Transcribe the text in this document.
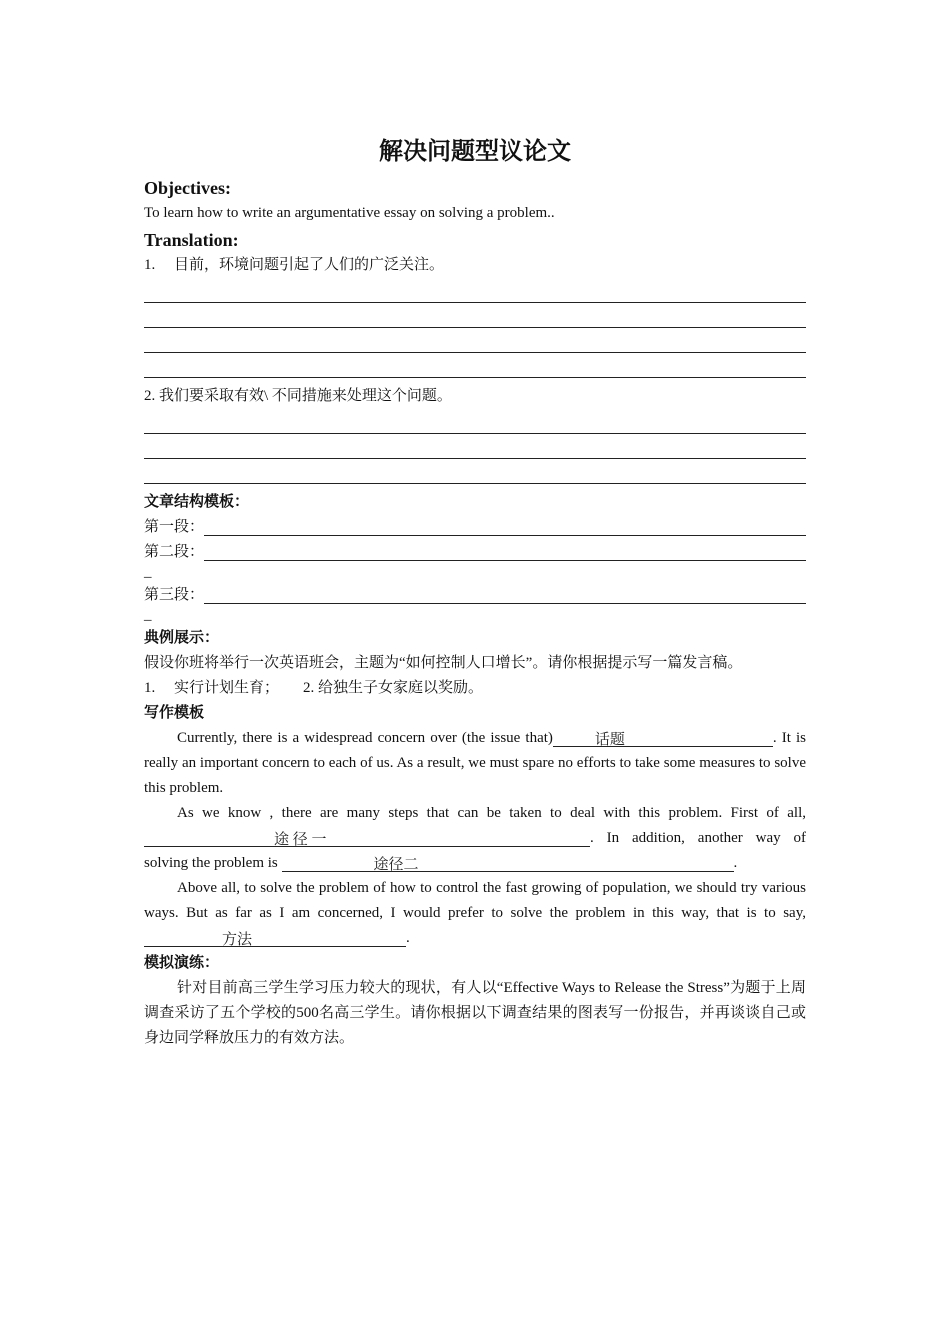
解决问题型议论文
Objectives:
To learn how to write an argumentative essay on solving a problem..
Translation:
1. 目前，环境问题引起了人们的广泛关注。
2. 我们要采取有效\ 不同措施来处理这个问题。
文章结构模板：
第一段：
第二段：
_
第三段：
_
典例展示：
假设你班将举行一次英语班会，主题为“如何控制人口增长”。请你根据提示写一篇发言稿。
1. 实行计划生育； 2. 给独生子女家庭以奖励。
写作模板
Currently, there is a widespread concern over (the issue that)	话题	. It is really an important concern to each of us. As a result, we must spare no efforts to take some measures to solve this problem.
As we know , there are many steps that can be taken to deal with this problem. First of all, 途 径 一	. In addition, another way of solving the problem is	途径二	.
Above all, to solve the problem of how to control the fast growing of population, we should try various ways. But as far as I am concerned, I would prefer to solve the problem in this way, that is to say, 方法	.
模拟演练：
针对目前高三学生学习压力较大的现状，有人以“Effective Ways to Release the Stress”为题于上周调查采访了五个学校的500名高三学生。请你根据以下调查结果的图表写一份报告，并再谈谈自己或身边同学释放压力的有效方法。
